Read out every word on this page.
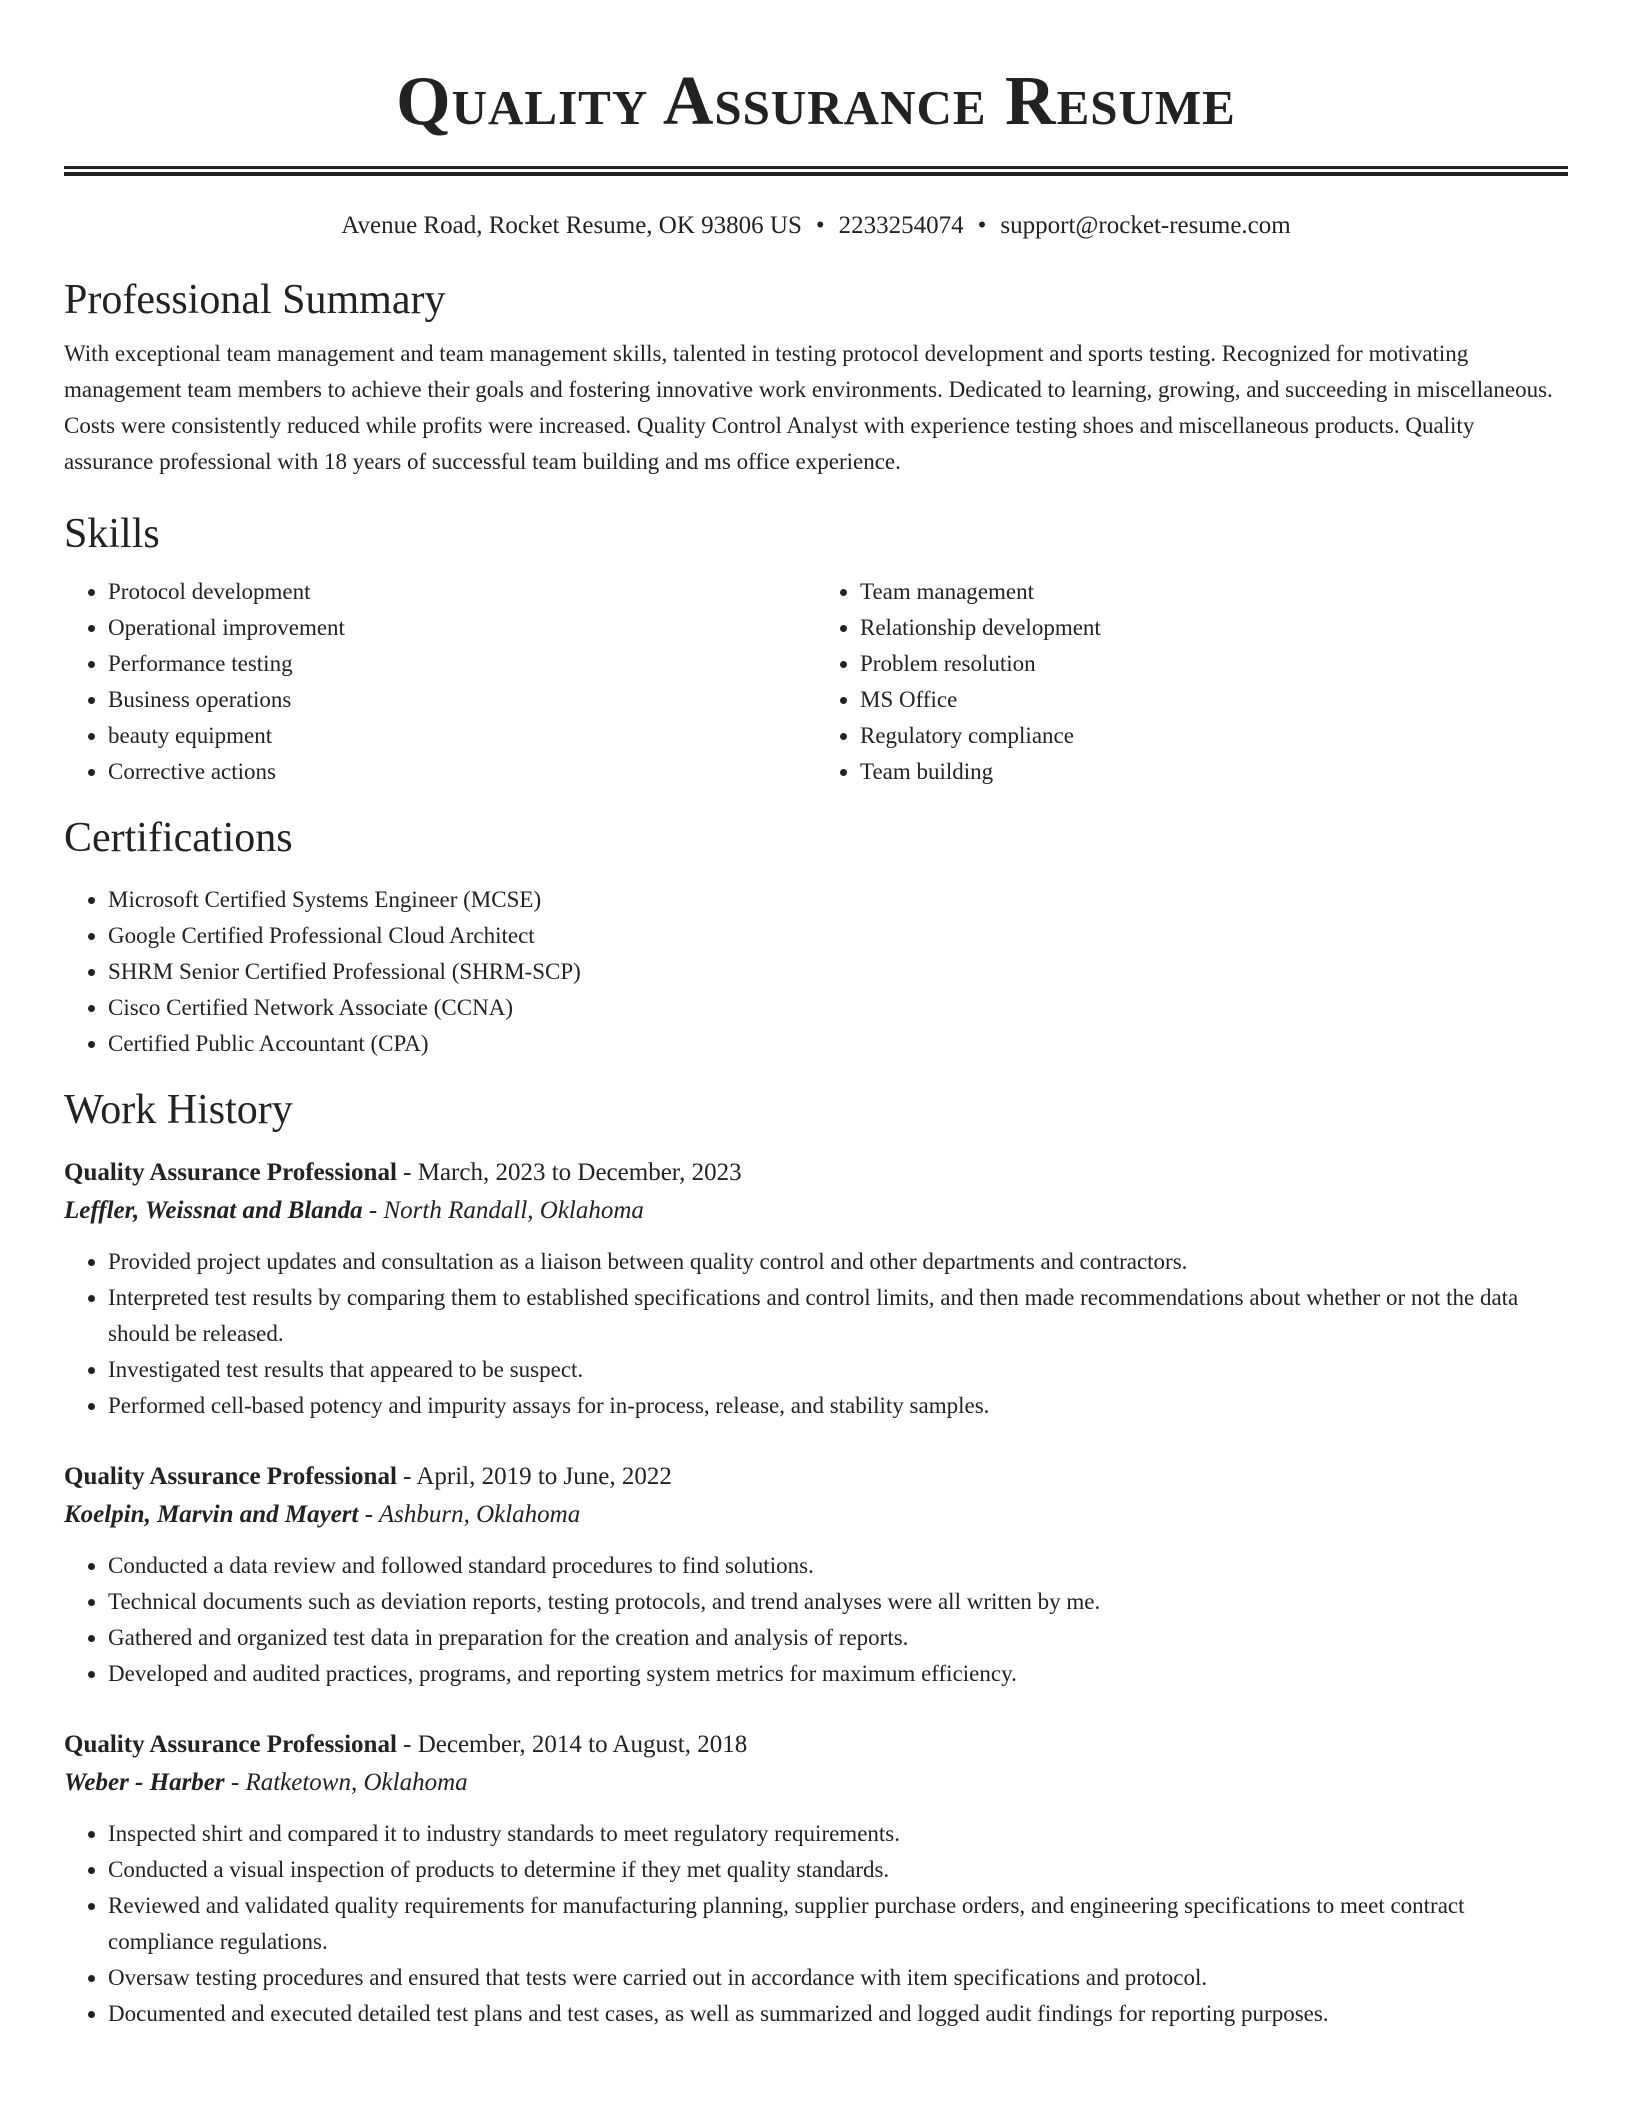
Quality Assurance Resume
Avenue Road, Rocket Resume, OK 93806 US • 2233254074 • support@rocket-resume.com
Professional Summary
With exceptional team management and team management skills, talented in testing protocol development and sports testing. Recognized for motivating management team members to achieve their goals and fostering innovative work environments. Dedicated to learning, growing, and succeeding in miscellaneous. Costs were consistently reduced while profits were increased. Quality Control Analyst with experience testing shoes and miscellaneous products. Quality assurance professional with 18 years of successful team building and ms office experience.
Skills
• Protocol development
• Operational improvement
• Performance testing
• Business operations
• beauty equipment
• Corrective actions
• Team management
• Relationship development
• Problem resolution
• MS Office
• Regulatory compliance
• Team building
Certifications
• Microsoft Certified Systems Engineer (MCSE)
• Google Certified Professional Cloud Architect
• SHRM Senior Certified Professional (SHRM-SCP)
• Cisco Certified Network Associate (CCNA)
• Certified Public Accountant (CPA)
Work History
Quality Assurance Professional - March, 2023 to December, 2023
Leffler, Weissnat and Blanda - North Randall, Oklahoma
• Provided project updates and consultation as a liaison between quality control and other departments and contractors.
• Interpreted test results by comparing them to established specifications and control limits, and then made recommendations about whether or not the data should be released.
• Investigated test results that appeared to be suspect.
• Performed cell-based potency and impurity assays for in-process, release, and stability samples.
Quality Assurance Professional - April, 2019 to June, 2022
Koelpin, Marvin and Mayert - Ashburn, Oklahoma
• Conducted a data review and followed standard procedures to find solutions.
• Technical documents such as deviation reports, testing protocols, and trend analyses were all written by me.
• Gathered and organized test data in preparation for the creation and analysis of reports.
• Developed and audited practices, programs, and reporting system metrics for maximum efficiency.
Quality Assurance Professional - December, 2014 to August, 2018
Weber - Harber - Ratketown, Oklahoma
• Inspected shirt and compared it to industry standards to meet regulatory requirements.
• Conducted a visual inspection of products to determine if they met quality standards.
• Reviewed and validated quality requirements for manufacturing planning, supplier purchase orders, and engineering specifications to meet contract compliance regulations.
• Oversaw testing procedures and ensured that tests were carried out in accordance with item specifications and protocol.
• Documented and executed detailed test plans and test cases, as well as summarized and logged audit findings for reporting purposes.
